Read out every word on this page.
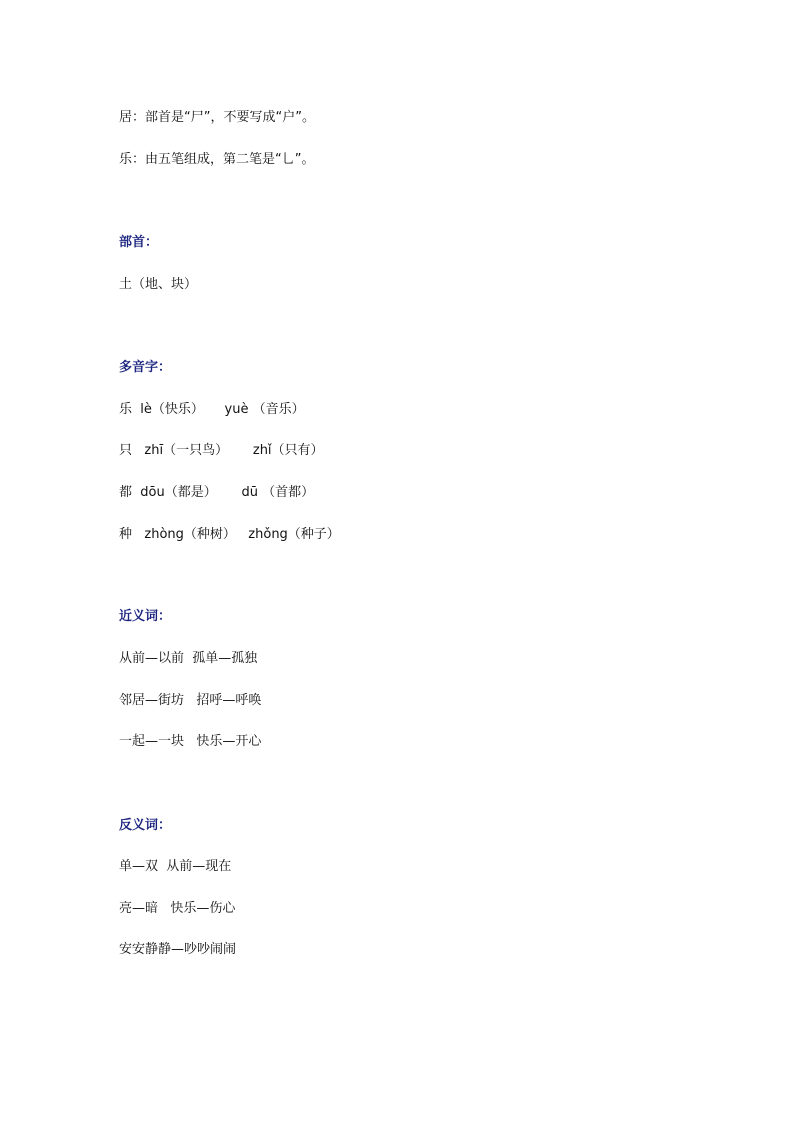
居：部首是“尸”，不要写成“户”。
乐：由五笔组成，第二笔是“乚”。
部首：
土（地、块）
多音字：
乐  lè（快乐）     yuè （音乐）
只   zhī（一只鸟）      zhǐ（只有）
都  dōu（都是）      dū （首都）
种   zhòng（种树）   zhǒng（种子）
近义词：
从前—以前  孤单—孤独
邻居—街坊   招呼—呼唤
一起—一块   快乐—开心
反义词：
单—双  从前—现在
亮—暗   快乐—伤心
安安静静—吵吵闹闹
